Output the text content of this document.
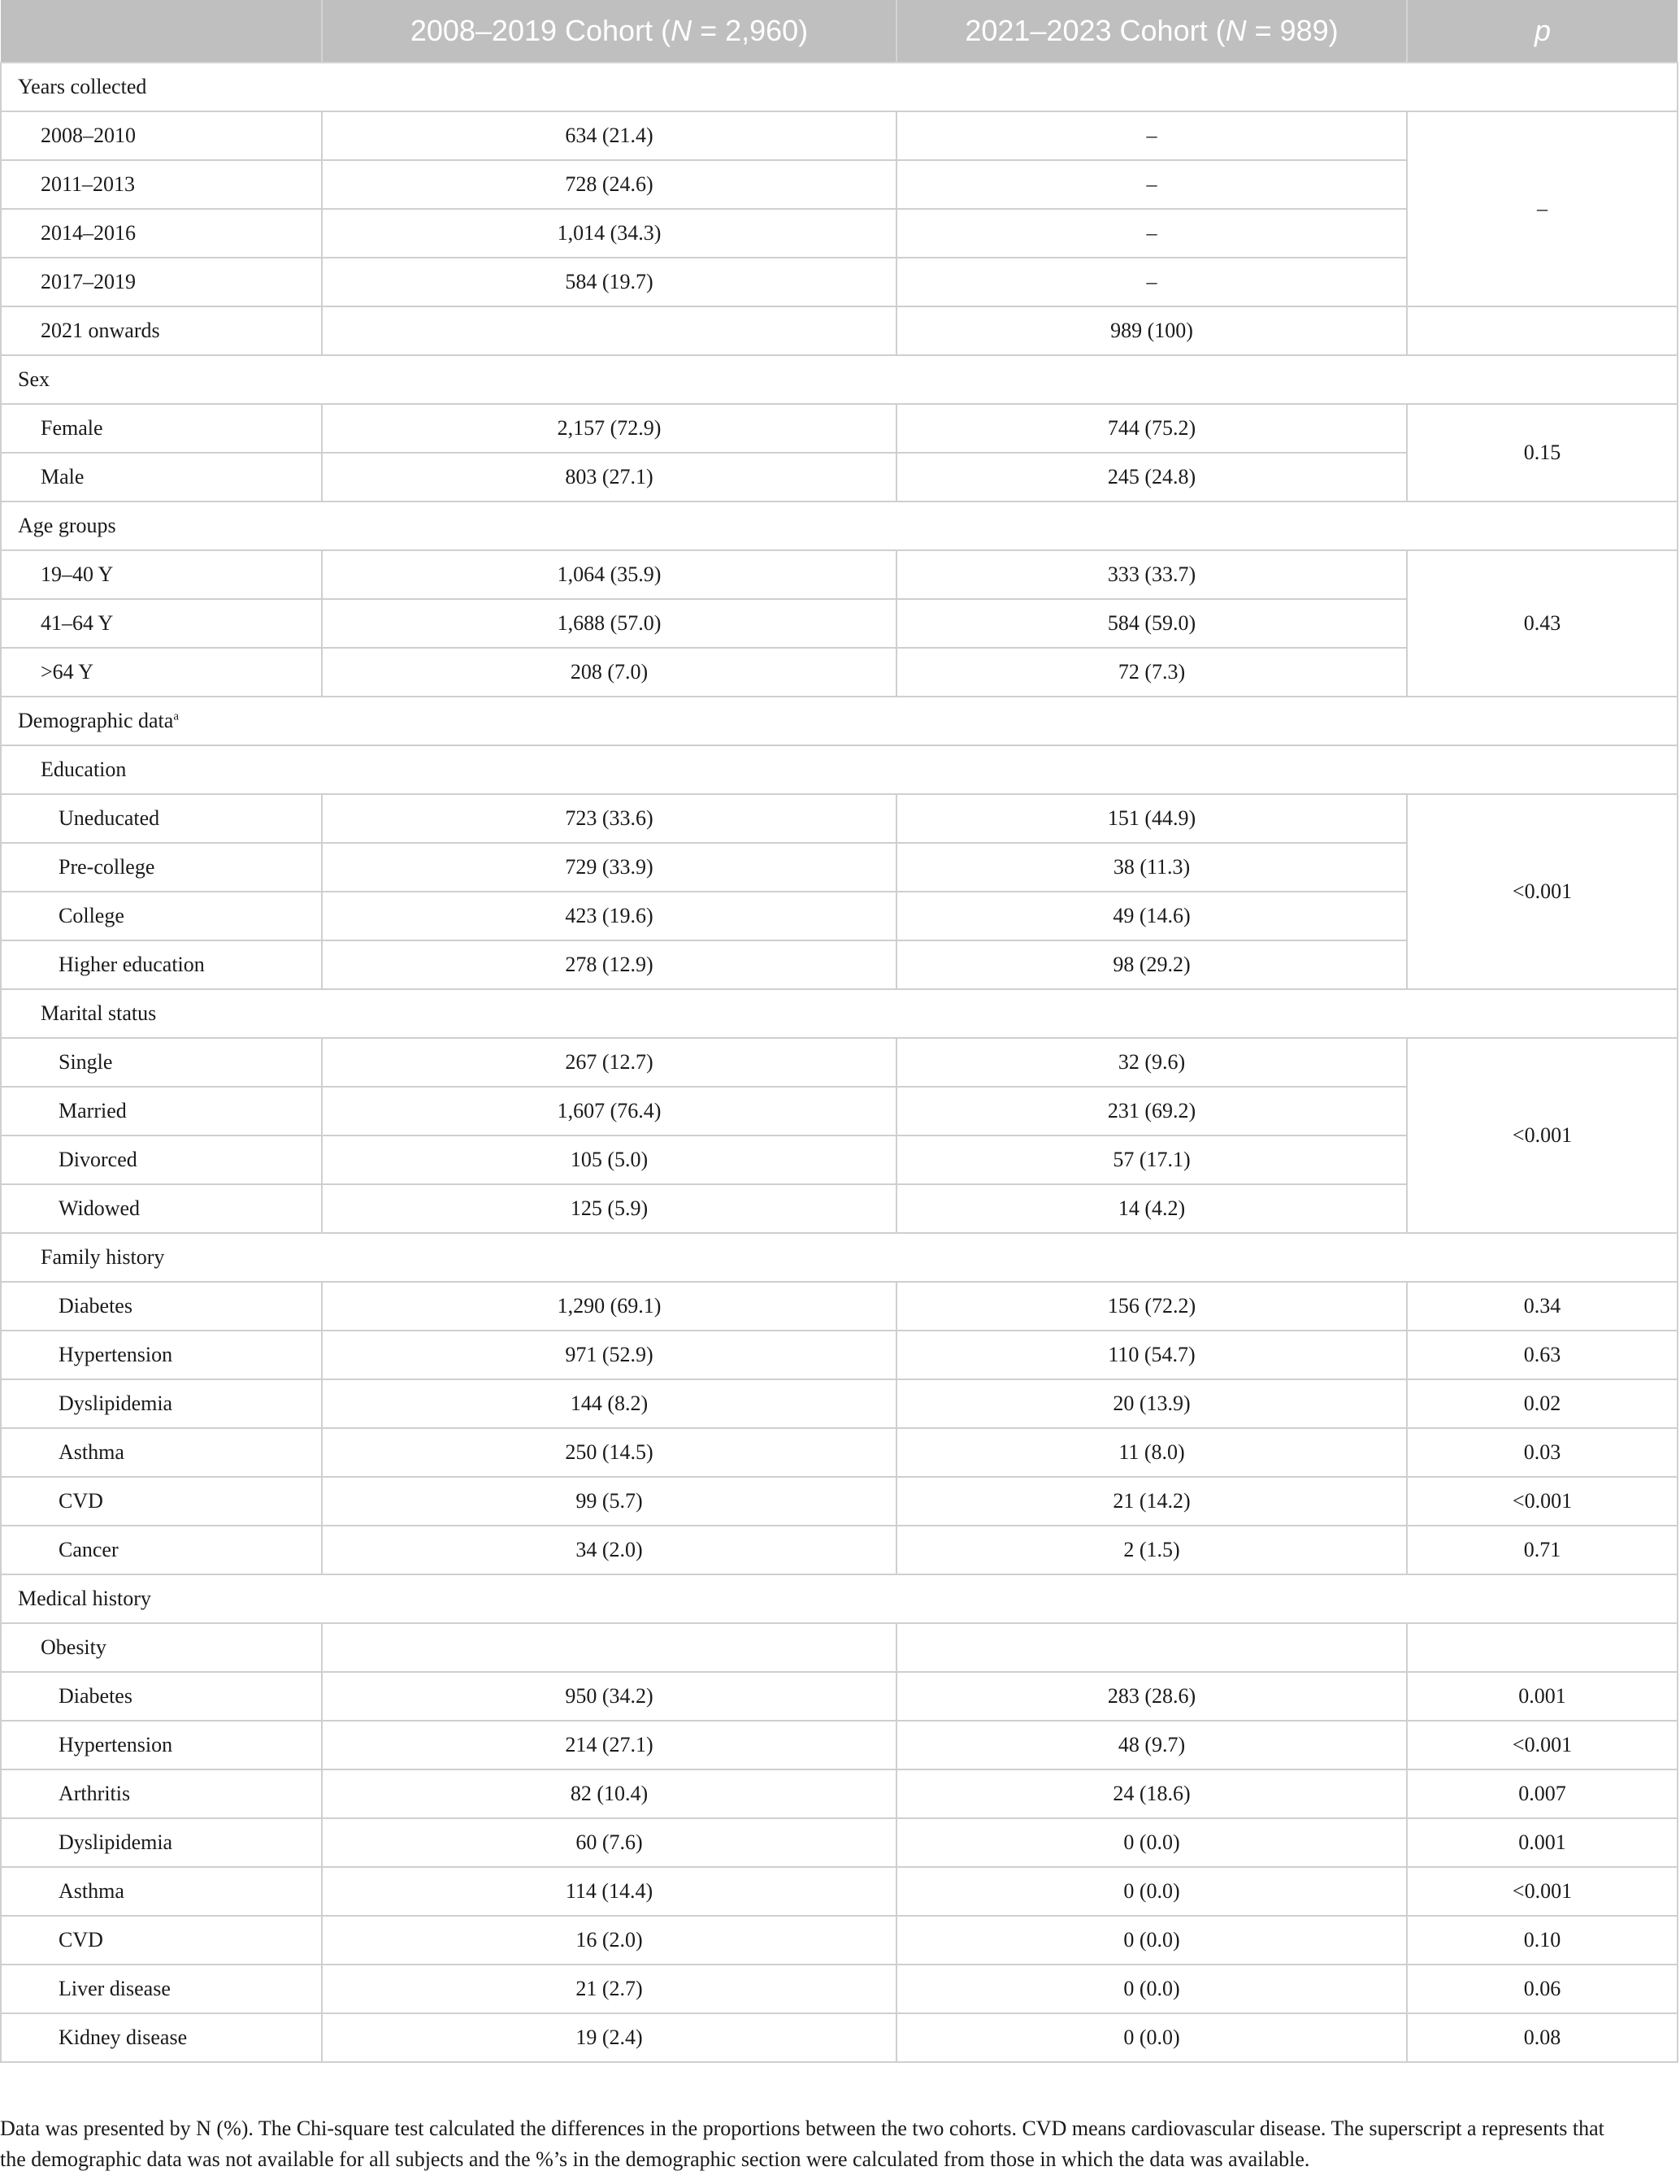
	2008–2019 Cohort (N = 2,960)	2021–2023 Cohort (N = 989)	p
Years collected			
2008–2010	634 (21.4)	–	–
2011–2013	728 (24.6)	–	
2014–2016	1,014 (34.3)	–	
2017–2019	584 (19.7)	–	
2021 onwards		989 (100)	
Sex			
Female	2,157 (72.9)	744 (75.2)	0.15
Male	803 (27.1)	245 (24.8)	
Age groups			
19–40 Y	1,064 (35.9)	333 (33.7)	0.43
41–64 Y	1,688 (57.0)	584 (59.0)	
>64 Y	208 (7.0)	72 (7.3)	
Demographic data$^a$
Education			
Uneducated	723 (33.6)	151 (44.9)	<0.001
Pre-college	729 (33.9)	38 (11.3)	
College	423 (19.6)	49 (14.6)	
Higher education	278 (12.9)	98 (29.2)	
Marital status			
Single	267 (12.7)	32 (9.6)	<0.001
Married	1,607 (76.4)	231 (69.2)	
Divorced	105 (5.0)	57 (17.1)	
Widowed	125 (5.9)	14 (4.2)	
Family history			
Diabetes	1,290 (69.1)	156 (72.2)	0.34
Hypertension	971 (52.9)	110 (54.7)	0.63
Dyslipidemia	144 (8.2)	20 (13.9)	0.02
Asthma	250 (14.5)	11 (8.0)	0.03
CVD	99 (5.7)	21 (14.2)	<0.001
Cancer	34 (2.0)	2 (1.5)	0.71
Medical history			
Obesity			
Diabetes	950 (34.2)	283 (28.6)	0.001
Hypertension	214 (27.1)	48 (9.7)	<0.001
Arthritis	82 (10.4)	24 (18.6)	0.007
Dyslipidemia	60 (7.6)	0 (0.0)	0.001
Asthma	114 (14.4)	0 (0.0)	<0.001
CVD	16 (2.0)	0 (0.0)	0.10
Liver disease	21 (2.7)	0 (0.0)	0.06
Kidney disease	19 (2.4)	0 (0.0)	0.08
Data was presented by N (%). The Chi-square test calculated the differences in the proportions between the two cohorts. CVD means cardiovascular disease. The superscript a represents that
the demographic data was not available for all subjects and the %’s in the demographic section were calculated from those in which the data was available.
